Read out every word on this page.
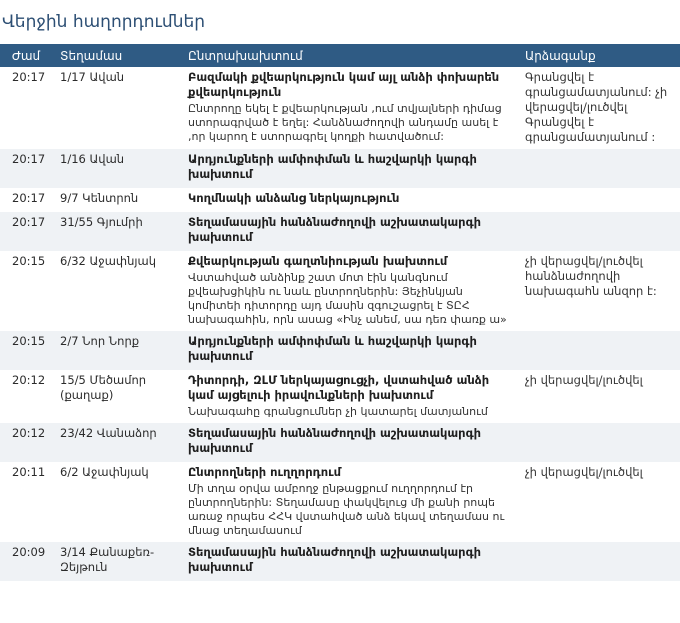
Վերջին հաղորդումներ
Ժամ	Տեղամաս	Ընտրախախտում	Արձագանք
20:17	1/17 Ավան	Բազմակի քվեարկություն կամ այլ անձի փոխարեն քվեարկություն
Ընտրողը եկել է քվեարկության ,ում տվյալների դիմաց ստորագրված է եղել: Հանձնաժողովի անդամը ասել է ,որ կարող է ստորագրել կողքի հատվածում:	Գրանցվել է գրանցամատյանում: չի վերացվել/լուծվել Գրանցվել է գրանցամատյանում :
20:17	1/16 Ավան	Արդյունքների ամփոփման և հաշվարկի կարգի խախտում	

20:17	9/7 Կենտրոն	Կողմնակի անձանց ներկայություն	

20:17	31/55 Գյումրի	Տեղամասային հանձնաժողովի աշխատակարգի խախտում	

20:15	6/32 Աջափնյակ	Քվեարկության գաղտնիության խախտում
Վստահված անձինք շատ մոտ էին կանգնում քվեախցիկին ու նաև ընտրողներին: Յեչինկյան կոմիտեի դիտորդը այդ մասին զգուշացրել է ՏԸՀ նախագահին, որն ասաց «Ինչ անեմ, սա դեռ փառք ա»	չի վերացվել/լուծվել հանձնաժողովի նախագահն անզոր է:
20:15	2/7 Նոր Նորք	Արդյունքների ամփոփման և հաշվարկի կարգի խախտում	

20:12	15/5 Մեծամոր (քաղաք)	Դիտորդի, ԶԼՄ ներկայացուցչի, վստահված անձի կամ այցելուի իրավունքների խախտում
Նախագահը գրանցումներ չի կատարել մատյանում	չի վերացվել/լուծվել
20:12	23/42 Վանաձոր	Տեղամասային հանձնաժողովի աշխատակարգի խախտում	

20:11	6/2 Աջափնյակ	Ընտրողների ուղղորդում
Մի տղա օրվա ամբողջ ընթացքում ուղղորդում էր ընտրողներին: Տեղամասը փակվելուց մի քանի րոպե առաջ որպես ՀՀԿ վստահված անձ եկավ տեղամաս ու մնաց տեղամասում	չի վերացվել/լուծվել
20:09	3/14 Քանաքեռ-Զեյթուն	Տեղամասային հանձնաժողովի աշխատակարգի խախտում	
